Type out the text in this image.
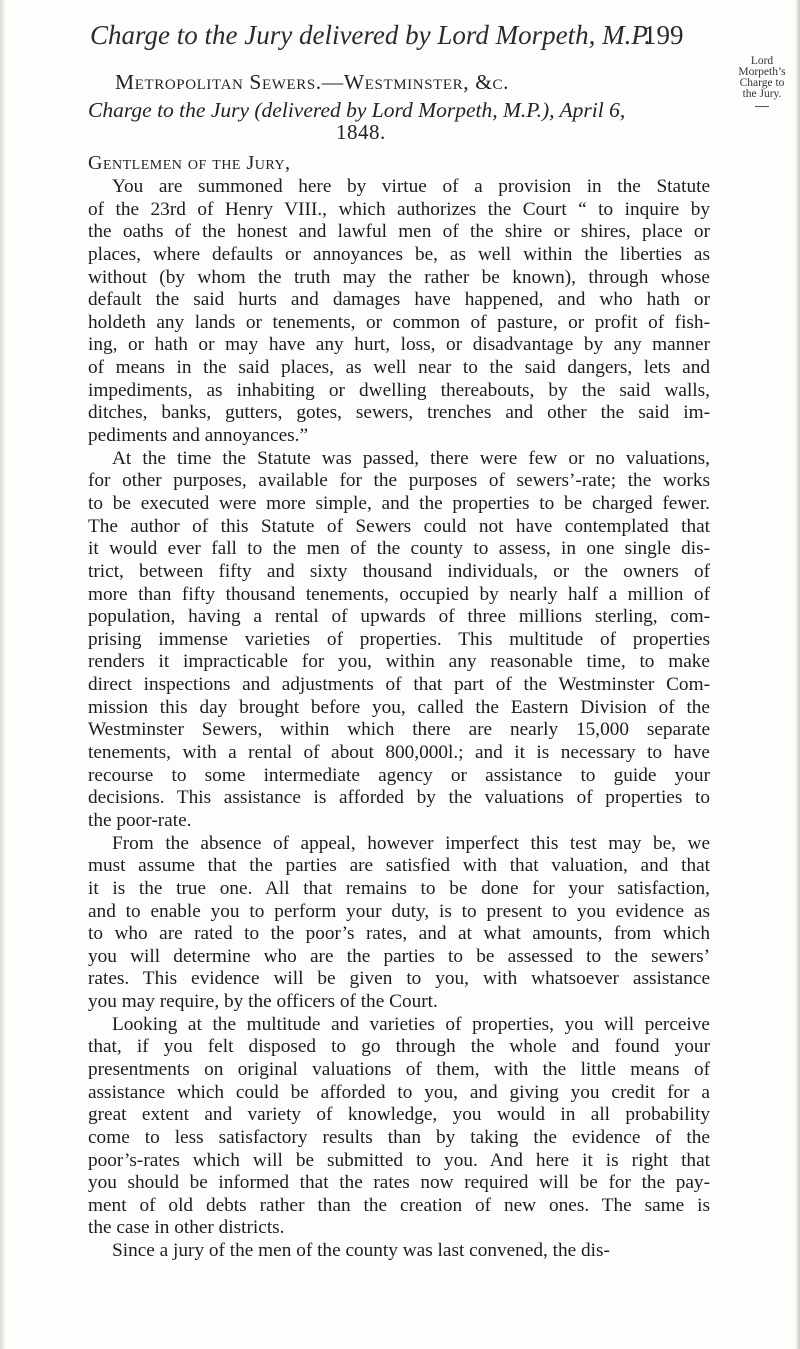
Charge to the Jury delivered by Lord Morpeth, M.P.
199
Lord
Morpeth’s
Charge to
the Jury.
Metropolitan Sewers.—Westminster, &c.
Charge to the Jury (delivered by Lord Morpeth, M.P.), April 6,
1848.
Gentlemen of the Jury,
You are summoned here by virtue of a provision in the Statute
of the 23rd of Henry VIII., which authorizes the Court “ to inquire by
the oaths of the honest and lawful men of the shire or shires, place or
places, where defaults or annoyances be, as well within the liberties as
without (by whom the truth may the rather be known), through whose
default the said hurts and damages have happened, and who hath or
holdeth any lands or tenements, or common of pasture, or profit of fish-
ing, or hath or may have any hurt, loss, or disadvantage by any manner
of means in the said places, as well near to the said dangers, lets and
impediments, as inhabiting or dwelling thereabouts, by the said walls,
ditches, banks, gutters, gotes, sewers, trenches and other the said im-
pediments and annoyances.”
At the time the Statute was passed, there were few or no valuations,
for other purposes, available for the purposes of sewers’-rate; the works
to be executed were more simple, and the properties to be charged fewer.
The author of this Statute of Sewers could not have contemplated that
it would ever fall to the men of the county to assess, in one single dis-
trict, between fifty and sixty thousand individuals, or the owners of
more than fifty thousand tenements, occupied by nearly half a million of
population, having a rental of upwards of three millions sterling, com-
prising immense varieties of properties. This multitude of properties
renders it impracticable for you, within any reasonable time, to make
direct inspections and adjustments of that part of the Westminster Com-
mission this day brought before you, called the Eastern Division of the
Westminster Sewers, within which there are nearly 15,000 separate
tenements, with a rental of about 800,000l.; and it is necessary to have
recourse to some intermediate agency or assistance to guide your
decisions. This assistance is afforded by the valuations of properties to
the poor-rate.
From the absence of appeal, however imperfect this test may be, we
must assume that the parties are satisfied with that valuation, and that
it is the true one. All that remains to be done for your satisfaction,
and to enable you to perform your duty, is to present to you evidence as
to who are rated to the poor’s rates, and at what amounts, from which
you will determine who are the parties to be assessed to the sewers’
rates. This evidence will be given to you, with whatsoever assistance
you may require, by the officers of the Court.
Looking at the multitude and varieties of properties, you will perceive
that, if you felt disposed to go through the whole and found your
presentments on original valuations of them, with the little means of
assistance which could be afforded to you, and giving you credit for a
great extent and variety of knowledge, you would in all probability
come to less satisfactory results than by taking the evidence of the
poor’s-rates which will be submitted to you. And here it is right that
you should be informed that the rates now required will be for the pay-
ment of old debts rather than the creation of new ones. The same is
the case in other districts.
Since a jury of the men of the county was last convened, the dis-
